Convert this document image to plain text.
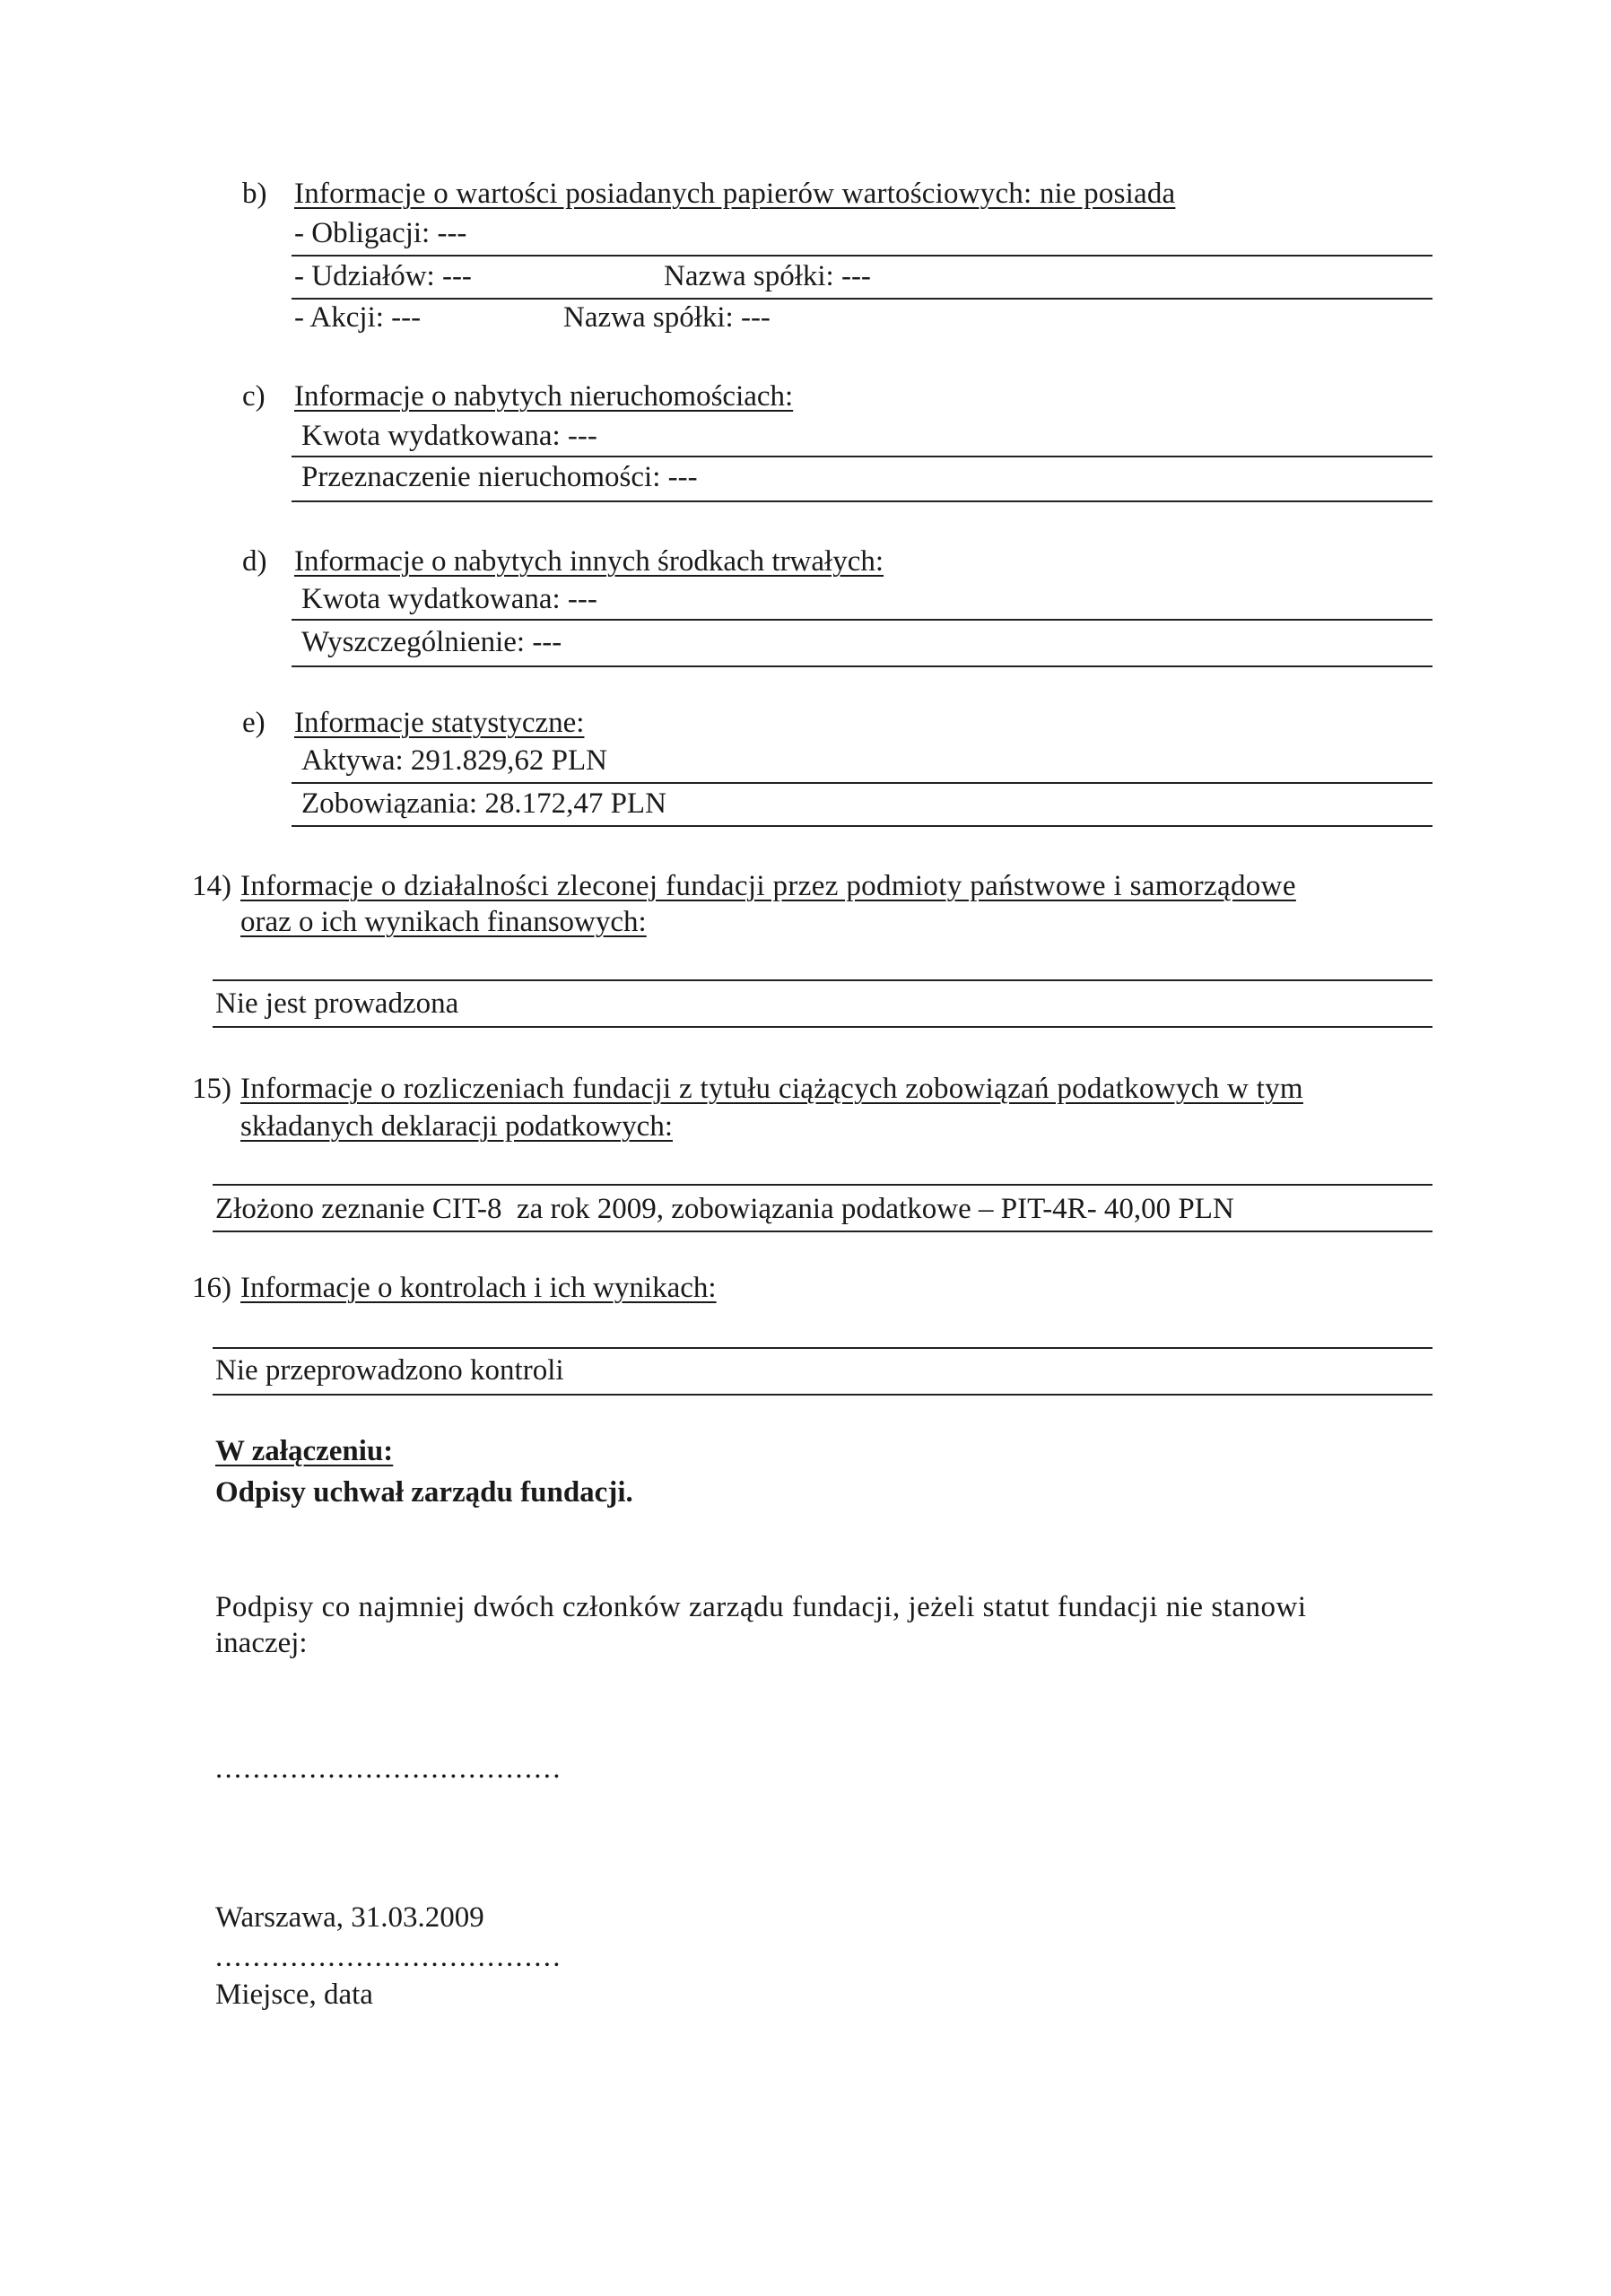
b) Informacje o wartości posiadanych papierów wartościowych: nie posiada
- Obligacji: ---
- Udziałów: ---	Nazwa spółki: ---
- Akcji: ---	Nazwa spółki: ---
c) Informacje o nabytych nieruchomościach:
Kwota wydatkowana: ---
Przeznaczenie nieruchomości: ---
d) Informacje o nabytych innych środkach trwałych:
Kwota wydatkowana: ---
Wyszczególnienie: ---
e) Informacje statystyczne:
Aktywa: 291.829,62 PLN
Zobowiązania: 28.172,47 PLN
14) Informacje o działalności zleconej fundacji przez podmioty państwowe i samorządowe
oraz o ich wynikach finansowych:
Nie jest prowadzona
15) Informacje o rozliczeniach fundacji z tytułu ciążących zobowiązań podatkowych w tym
składanych deklaracji podatkowych:
Złożono zeznanie CIT-8  za rok 2009, zobowiązania podatkowe – PIT-4R- 40,00 PLN
16) Informacje o kontrolach i ich wynikach:
Nie przeprowadzono kontroli
W załączeniu:
Odpisy uchwał zarządu fundacji.
Podpisy co najmniej dwóch członków zarządu fundacji, jeżeli statut fundacji nie stanowi
inaczej:
.....................................
Warszawa, 31.03.2009
.....................................
Miejsce, data
